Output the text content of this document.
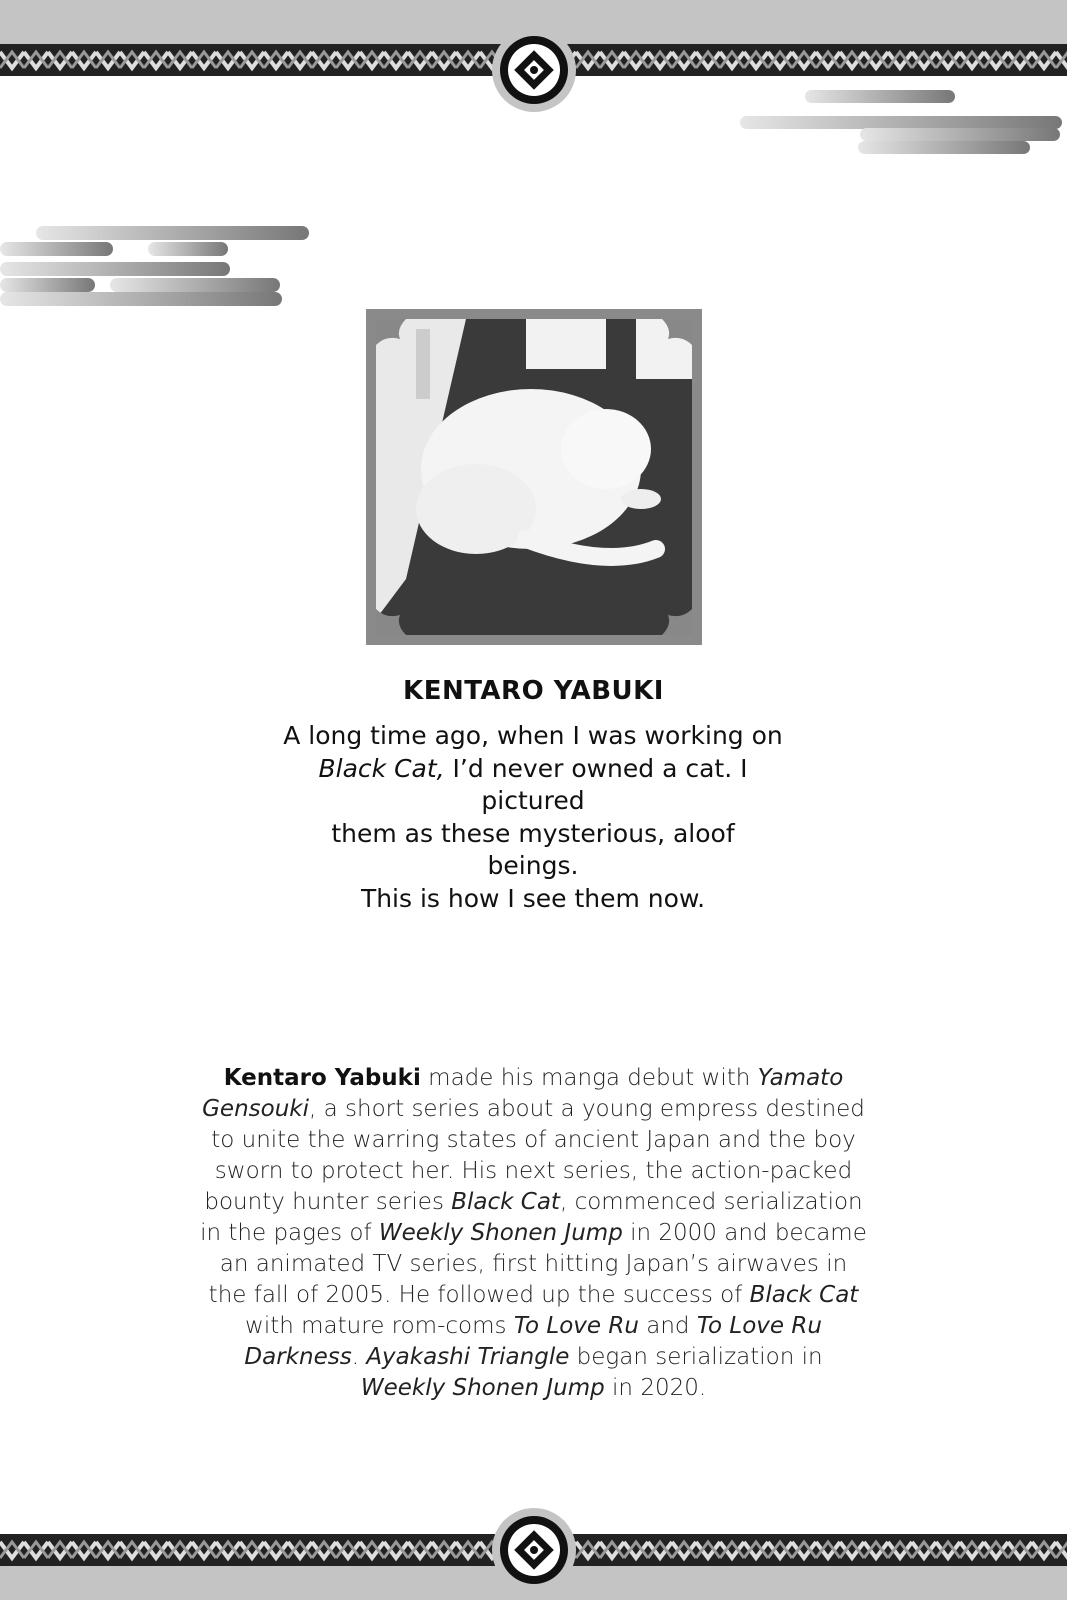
KENTARO YABUKI
A long time ago, when I was working on
Black Cat, I’d never owned a cat. I pictured
them as these mysterious, aloof beings.
This is how I see them now.
Kentaro Yabuki made his manga debut with Yamato Gensouki, a short series about a young empress destined to unite the warring states of ancient Japan and the boy sworn to protect her. His next series, the action-packed bounty hunter series Black Cat, commenced serialization in the pages of Weekly Shonen Jump in 2000 and became an animated TV series, first hitting Japan’s airwaves in the fall of 2005. He followed up the success of Black Cat with mature rom-coms To Love Ru and To Love Ru Darkness. Ayakashi Triangle began serialization in Weekly Shonen Jump in 2020.
